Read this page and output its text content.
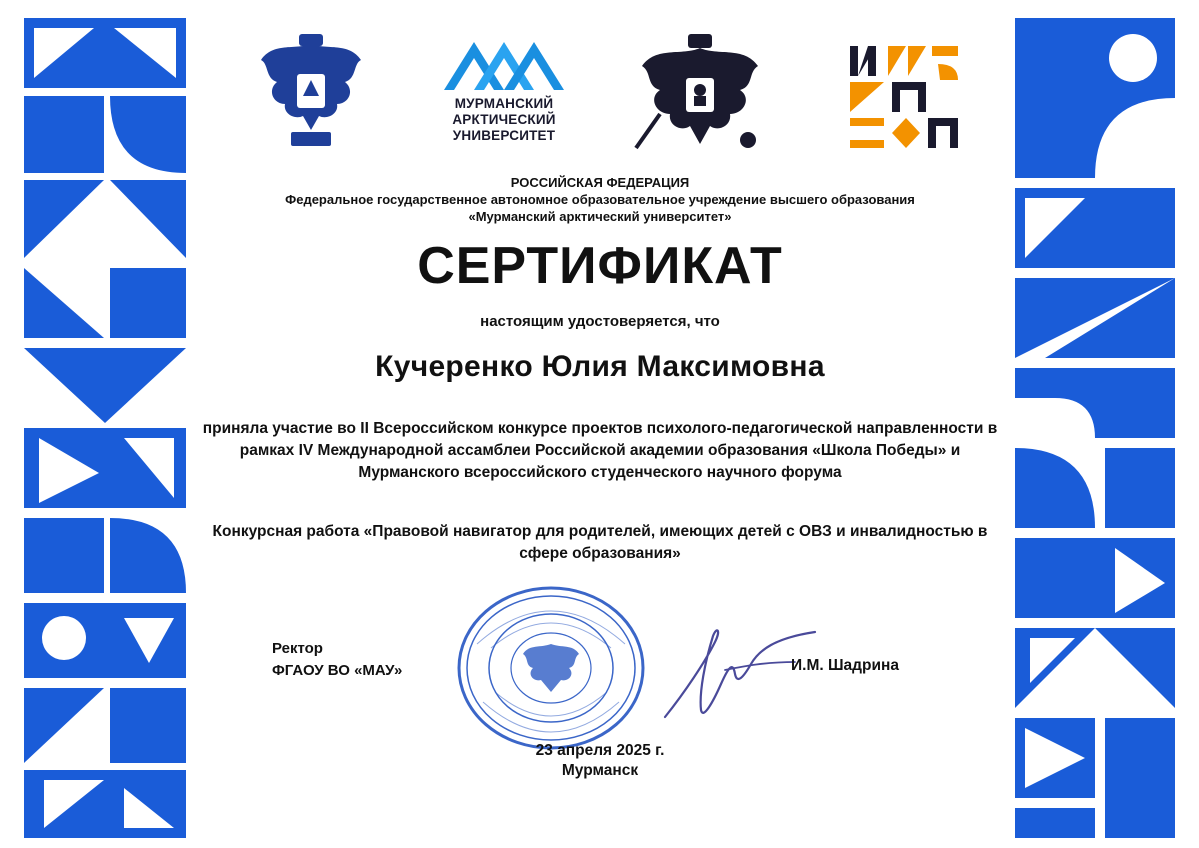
МУРМАНСКИЙ
АРКТИЧЕСКИЙ
УНИВЕРСИТЕТ
РОССИЙСКАЯ ФЕДЕРАЦИЯ
Федеральное государственное автономное образовательное учреждение высшего образования
«Мурманский арктический университет»
СЕРТИФИКАТ
настоящим удостоверяется, что
Кучеренко Юлия Максимовна
приняла участие во II Всероссийском конкурсе проектов психолого-педагогической направленности в рамках IV Международной ассамблеи Российской академии образования «Школа Победы» и Мурманского всероссийского студенческого научного форума
Конкурсная работа «Правовой навигатор для родителей, имеющих детей с ОВЗ и инвалидностью в сфере образования»
Ректор
ФГАОУ ВО «МАУ»	И.М. Шадрина
23 апреля 2025 г.
Мурманск
